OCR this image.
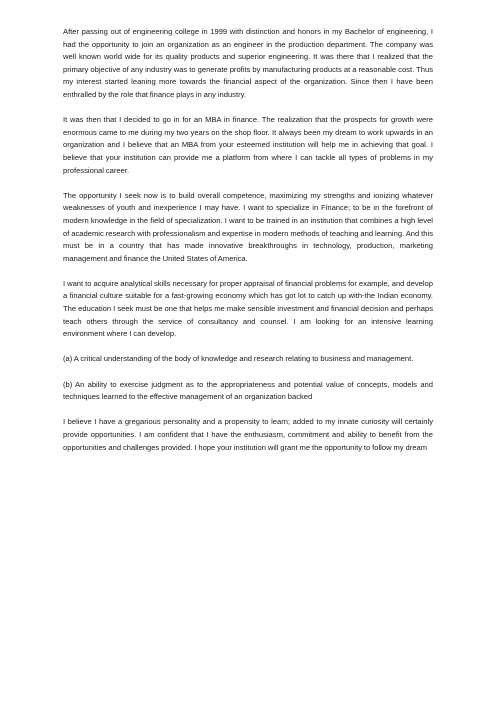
After passing out of engineering college in 1999 with distinction and honors in my Bachelor of engineering, I had the opportunity to join an organization as an engineer in the production department. The company was well known world wide for its quality products and superior engineering. It was there that I realized that the primary objective of any industry was to generate profits by manufacturing products at a reasonable cost. Thus my interest started leaning more towards the financial aspect of the organization. Since then I have been enthralled by the role that finance plays in any industry.

It was then that I decided to go in for an MBA in finance. The realization that the prospects for growth were enormous came to me during my two years on the shop floor. It always been my dream to work upwards in an organization and I believe that an MBA from your esteemed institution will help me in achieving that goal. I believe that your institution can provide me a platform from where I can tackle all types of problems in my professional career.

The opportunity I seek now is to build overall competence, maximizing my strengths and ionizing whatever weaknesses of youth and inexperience I may have. I want to specialize in Finance; to be in the forefront of modern knowledge in the field of specialization. I want to be trained in an institution that combines a high level of academic research with professionalism and expertise in modern methods of teaching and learning. And this must be in a country that has made innovative breakthroughs in technology, production, marketing management and finance the United States of America.

I want to acquire analytical skills necessary for proper appraisal of financial problems for example, and develop a financial culture suitable for a fast-growing economy which has got lot to catch up with-the Indian economy. The education I seek must be one that helps me make sensible investment and financial decision and perhaps teach others through the service of consultancy and counsel. I am looking for an intensive learning environment where I can develop.

(a) A critical understanding of the body of knowledge and research relating to business and management.

(b) An ability to exercise judgment as to the appropriateness and potential value of concepts, models and techniques learned to the effective management of an organization backed

I believe I have a gregarious personality and a propensity to learn; added to my innate curiosity will certainly provide opportunities. I am confident that I have the enthusiasm, commitment and ability to benefit from the opportunities and challenges provided. I hope your institution will grant me the opportunity to follow my dream
